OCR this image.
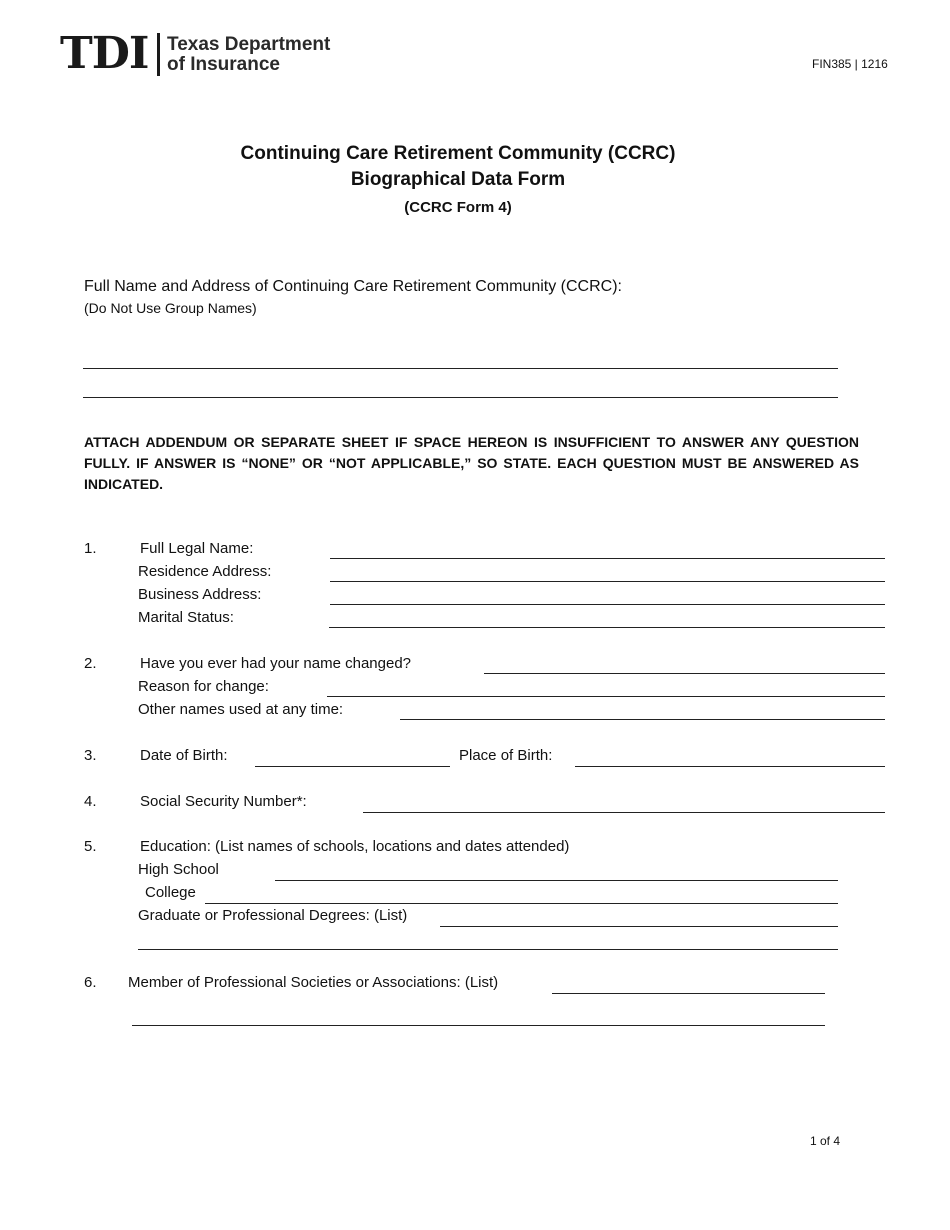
TDI Texas Department
of Insurance	FIN385 | 1216
Continuing Care Retirement Community (CCRC)
Biographical Data Form
(CCRC Form 4)
Full Name and Address of Continuing Care Retirement Community (CCRC):
(Do Not Use Group Names)
ATTACH ADDENDUM OR SEPARATE SHEET IF SPACE HEREON IS INSUFFICIENT TO ANSWER ANY QUESTION FULLY. IF ANSWER IS “NONE” OR “NOT APPLICABLE,” SO STATE. EACH QUESTION MUST BE ANSWERED AS INDICATED.
1.	Full Legal Name:
Residence Address:
Business Address:
Marital Status:
2.	Have you ever had your name changed?
Reason for change:
Other names used at any time:
3.	Date of Birth:	Place of Birth:
4.	Social Security Number*:
5.	Education: (List names of schools, locations and dates attended)
High School
College
Graduate or Professional Degrees: (List)
6. Member of Professional Societies or Associations: (List)
1 of 4
